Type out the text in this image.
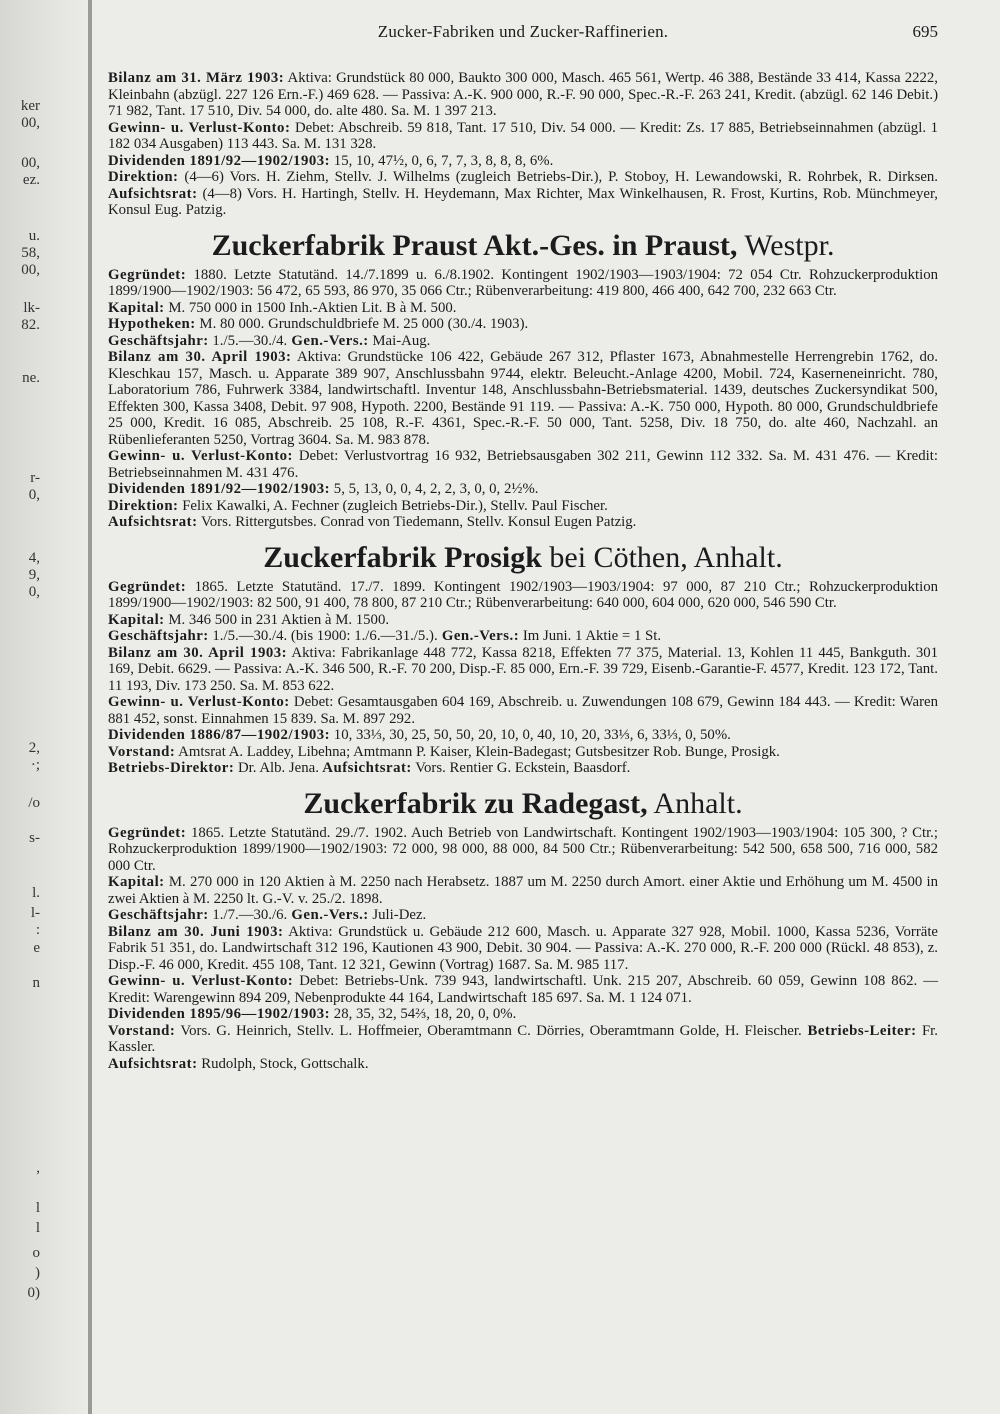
ker
00,
00,
ez.
u.
58,
00,
lk-
82.
ne.
r-
0,
4,
9,
0,
2,
·;
/o
s-
l.
l-
:
e
n
,
l
l
o
)
0)
Zucker-Fabriken und Zucker-Raffinerien.	695

Bilanz am 31. März 1903: Aktiva: Grundstück 80 000, Baukto 300 000, Masch. 465 561, Wertp. 46 388, Bestände 33 414, Kassa 2222, Kleinbahn (abzügl. 227 126 Ern.-F.) 469 628. — Passiva: A.-K. 900 000, R.-F. 90 000, Spec.-R.-F. 263 241, Kredit. (abzügl. 62 146 Debit.) 71 982, Tant. 17 510, Div. 54 000, do. alte 480. Sa. M. 1 397 213.

Gewinn- u. Verlust-Konto: Debet: Abschreib. 59 818, Tant. 17 510, Div. 54 000. — Kredit: Zs. 17 885, Betriebseinnahmen (abzügl. 1 182 034 Ausgaben) 113 443. Sa. M. 131 328.

Dividenden 1891/92—1902/1903: 15, 10, 47½, 0, 6, 7, 7, 3, 8, 8, 8, 6%.

Direktion: (4—6) Vors. H. Ziehm, Stellv. J. Wilhelms (zugleich Betriebs-Dir.), P. Stoboy, H. Lewandowski, R. Rohrbek, R. Dirksen. Aufsichtsrat: (4—8) Vors. H. Hartingh, Stellv. H. Heydemann, Max Richter, Max Winkelhausen, R. Frost, Kurtins, Rob. Münchmeyer, Konsul Eug. Patzig.

Zuckerfabrik Praust Akt.-Ges. in Praust, Westpr.

Gegründet: 1880. Letzte Statutänd. 14./7.1899 u. 6./8.1902. Kontingent 1902/1903—1903/1904: 72 054 Ctr. Rohzuckerproduktion 1899/1900—1902/1903: 56 472, 65 593, 86 970, 35 066 Ctr.; Rübenverarbeitung: 419 800, 466 400, 642 700, 232 663 Ctr.

Kapital: M. 750 000 in 1500 Inh.-Aktien Lit. B à M. 500.

Hypotheken: M. 80 000. Grundschuldbriefe M. 25 000 (30./4. 1903).

Geschäftsjahr: 1./5.—30./4. Gen.-Vers.: Mai-Aug.

Bilanz am 30. April 1903: Aktiva: Grundstücke 106 422, Gebäude 267 312, Pflaster 1673, Abnahmestelle Herrengrebin 1762, do. Kleschkau 157, Masch. u. Apparate 389 907, Anschlussbahn 9744, elektr. Beleucht.-Anlage 4200, Mobil. 724, Kaserneneinricht. 780, Laboratorium 786, Fuhrwerk 3384, landwirtschaftl. Inventur 148, Anschlussbahn-Betriebsmaterial. 1439, deutsches Zuckersyndikat 500, Effekten 300, Kassa 3408, Debit. 97 908, Hypoth. 2200, Bestände 91 119. — Passiva: A.-K. 750 000, Hypoth. 80 000, Grundschuldbriefe 25 000, Kredit. 16 085, Abschreib. 25 108, R.-F. 4361, Spec.-R.-F. 50 000, Tant. 5258, Div. 18 750, do. alte 460, Nachzahl. an Rübenlieferanten 5250, Vortrag 3604. Sa. M. 983 878.

Gewinn- u. Verlust-Konto: Debet: Verlustvortrag 16 932, Betriebsausgaben 302 211, Gewinn 112 332. Sa. M. 431 476. — Kredit: Betriebseinnahmen M. 431 476.

Dividenden 1891/92—1902/1903: 5, 5, 13, 0, 0, 4, 2, 2, 3, 0, 0, 2½%.

Direktion: Felix Kawalki, A. Fechner (zugleich Betriebs-Dir.), Stellv. Paul Fischer.

Aufsichtsrat: Vors. Rittergutsbes. Conrad von Tiedemann, Stellv. Konsul Eugen Patzig.

Zuckerfabrik Prosigk bei Cöthen, Anhalt.

Gegründet: 1865. Letzte Statutänd. 17./7. 1899. Kontingent 1902/1903—1903/1904: 97 000, 87 210 Ctr.; Rohzuckerproduktion 1899/1900—1902/1903: 82 500, 91 400, 78 800, 87 210 Ctr.; Rübenverarbeitung: 640 000, 604 000, 620 000, 546 590 Ctr.

Kapital: M. 346 500 in 231 Aktien à M. 1500.

Geschäftsjahr: 1./5.—30./4. (bis 1900: 1./6.—31./5.). Gen.-Vers.: Im Juni. 1 Aktie = 1 St.

Bilanz am 30. April 1903: Aktiva: Fabrikanlage 448 772, Kassa 8218, Effekten 77 375, Material. 13, Kohlen 11 445, Bankguth. 301 169, Debit. 6629. — Passiva: A.-K. 346 500, R.-F. 70 200, Disp.-F. 85 000, Ern.-F. 39 729, Eisenb.-Garantie-F. 4577, Kredit. 123 172, Tant. 11 193, Div. 173 250. Sa. M. 853 622.

Gewinn- u. Verlust-Konto: Debet: Gesamtausgaben 604 169, Abschreib. u. Zuwendungen 108 679, Gewinn 184 443. — Kredit: Waren 881 452, sonst. Einnahmen 15 839. Sa. M. 897 292.

Dividenden 1886/87—1902/1903: 10, 33⅓, 30, 25, 50, 50, 20, 10, 0, 40, 10, 20, 33⅓, 6, 33⅓, 0, 50%.

Vorstand: Amtsrat A. Laddey, Libehna; Amtmann P. Kaiser, Klein-Badegast; Gutsbesitzer Rob. Bunge, Prosigk.

Betriebs-Direktor: Dr. Alb. Jena. Aufsichtsrat: Vors. Rentier G. Eckstein, Baasdorf.

Zuckerfabrik zu Radegast, Anhalt.

Gegründet: 1865. Letzte Statutänd. 29./7. 1902. Auch Betrieb von Landwirtschaft. Kontingent 1902/1903—1903/1904: 105 300, ? Ctr.; Rohzuckerproduktion 1899/1900—1902/1903: 72 000, 98 000, 88 000, 84 500 Ctr.; Rübenverarbeitung: 542 500, 658 500, 716 000, 582 000 Ctr.

Kapital: M. 270 000 in 120 Aktien à M. 2250 nach Herabsetz. 1887 um M. 2250 durch Amort. einer Aktie und Erhöhung um M. 4500 in zwei Aktien à M. 2250 lt. G.-V. v. 25./2. 1898.

Geschäftsjahr: 1./7.—30./6. Gen.-Vers.: Juli-Dez.

Bilanz am 30. Juni 1903: Aktiva: Grundstück u. Gebäude 212 600, Masch. u. Apparate 327 928, Mobil. 1000, Kassa 5236, Vorräte Fabrik 51 351, do. Landwirtschaft 312 196, Kautionen 43 900, Debit. 30 904. — Passiva: A.-K. 270 000, R.-F. 200 000 (Rückl. 48 853), z. Disp.-F. 46 000, Kredit. 455 108, Tant. 12 321, Gewinn (Vortrag) 1687. Sa. M. 985 117.

Gewinn- u. Verlust-Konto: Debet: Betriebs-Unk. 739 943, landwirtschaftl. Unk. 215 207, Abschreib. 60 059, Gewinn 108 862. — Kredit: Warengewinn 894 209, Nebenprodukte 44 164, Landwirtschaft 185 697. Sa. M. 1 124 071.

Dividenden 1895/96—1902/1903: 28, 35, 32, 54⅔, 18, 20, 0, 0%.

Vorstand: Vors. G. Heinrich, Stellv. L. Hoffmeier, Oberamtmann C. Dörries, Oberamtmann Golde, H. Fleischer. Betriebs-Leiter: Fr. Kassler.

Aufsichtsrat: Rudolph, Stock, Gottschalk.
